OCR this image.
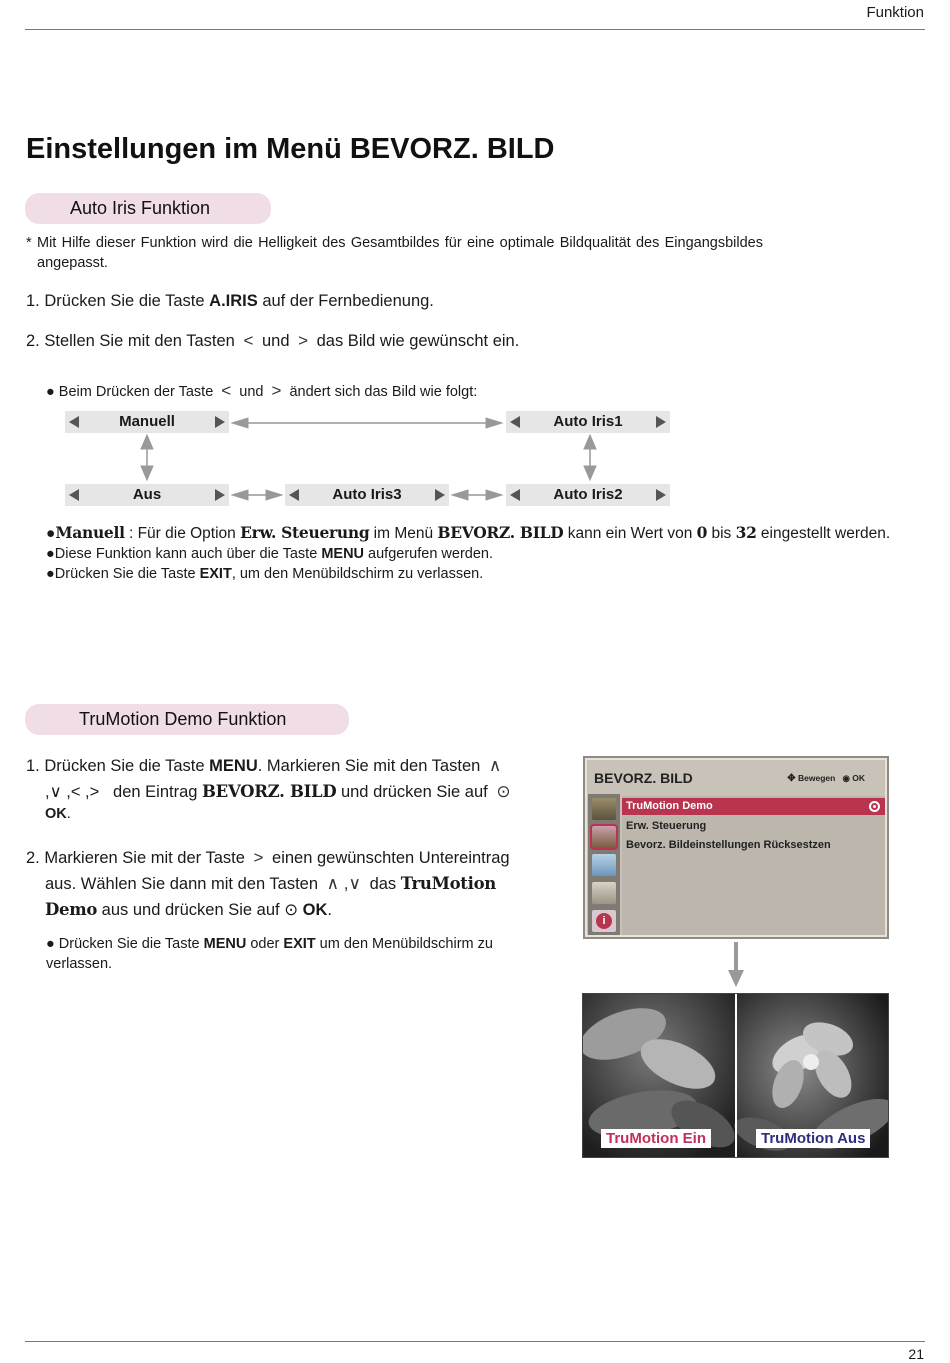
Funktion
Einstellungen im Menü BEVORZ. BILD
Auto Iris Funktion
* Mit Hilfe dieser Funktion wird die Helligkeit des Gesamtbildes für eine optimale Bildqualität des Eingangsbildes angepasst.
1. Drücken Sie die Taste A.IRIS auf der Fernbedienung.
2. Stellen Sie mit den Tasten < und > das Bild wie gewünscht ein.
● Beim Drücken der Taste < und > ändert sich das Bild wie folgt:
Manuell	Auto Iris1
Aus	Auto Iris3	Auto Iris2
●Manuell : Für die Option Erw. Steuerung im Menü BEVORZ. BILD kann ein Wert von 0 bis 32 eingestellt werden.
●Diese Funktion kann auch über die Taste MENU aufgerufen werden.
●Drücken Sie die Taste EXIT, um den Menübildschirm zu verlassen.
TruMotion Demo Funktion
1. Drücken Sie die Taste MENU. Markieren Sie mit den Tasten ∧
,∨ ,< ,> den Eintrag BEVORZ. BILD und drücken Sie auf ⊙
OK.
2. Markieren Sie mit der Taste > einen gewünschten Untereintrag
aus. Wählen Sie dann mit den Tasten ∧ ,∨ das TruMotion
Demo aus und drücken Sie auf ⊙ OK.
● Drücken Sie die Taste MENU oder EXIT um den Menübildschirm zu verlassen.
BEVORZ. BILD	✥ Bewegen ◉ OK
i
TruMotion Demo
Erw. Steuerung
Bevorz. Bildeinstellungen Rücksestzen
TruMotion Ein	TruMotion Aus
21
